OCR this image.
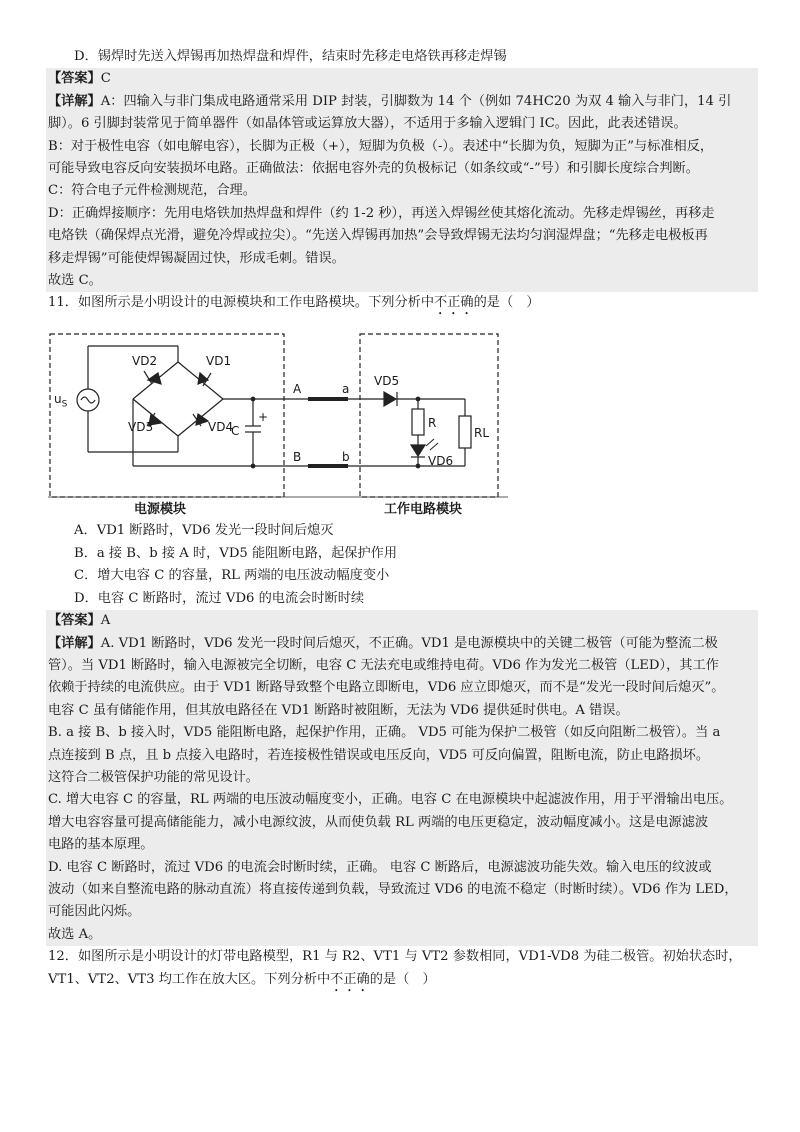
D．锡焊时先送入焊锡再加热焊盘和焊件，结束时先移走电烙铁再移走焊锡
【答案】C
【详解】A：四输入与非门集成电路通常采用 DIP 封装，引脚数为 14 个（例如 74HC20 为双 4 输入与非门，14 引
脚）。6 引脚封装常见于简单器件（如晶体管或运算放大器），不适用于多输入逻辑门 IC。因此，此表述错误。
B：对于极性电容（如电解电容），长脚为正极（+），短脚为负极（-）。表述中“长脚为负，短脚为正”与标准相反，
可能导致电容反向安装损坏电路。正确做法：依据电容外壳的负极标记（如条纹或“-”号）和引脚长度综合判断。
C：符合电子元件检测规范，合理。
D：正确焊接顺序：先用电烙铁加热焊盘和焊件（约 1-2 秒），再送入焊锡丝使其熔化流动。先移走焊锡丝，再移走
电烙铁（确保焊点光滑，避免冷焊或拉尖）。“先送入焊锡再加热”会导致焊锡无法均匀润湿焊盘；“先移走电极板再
移走焊锡”可能使焊锡凝固过快，形成毛刺。错误。
故选 C。
11．如图所示是小明设计的电源模块和工作电路模块。下列分析中不正确的是（　）
VD2	VD1
VD3	VD4
$u_S$
C
+
A	a
B	b
VD5
R
RL
VD6
电源模块	工作电路模块
A．VD1 断路时，VD6 发光一段时间后熄灭
B．a 接 B、b 接 A 时，VD5 能阻断电路，起保护作用
C．增大电容 C 的容量，RL 两端的电压波动幅度变小
D．电容 C 断路时，流过 VD6 的电流会时断时续
【答案】A
【详解】A. VD1 断路时，VD6 发光一段时间后熄灭，不正确。VD1 是电源模块中的关键二极管（可能为整流二极
管）。当 VD1 断路时，输入电源被完全切断，电容 C 无法充电或维持电荷。VD6 作为发光二极管（LED），其工作
依赖于持续的电流供应。由于 VD1 断路导致整个电路立即断电，VD6 应立即熄灭，而不是“发光一段时间后熄灭”。
电容 C 虽有储能作用，但其放电路径在 VD1 断路时被阻断，无法为 VD6 提供延时供电。A 错误。
B. a 接 B、b 接入时，VD5 能阻断电路，起保护作用，正确。 VD5 可能为保护二极管（如反向阻断二极管）。当 a
点连接到 B 点，且 b 点接入电路时，若连接极性错误或电压反向，VD5 可反向偏置，阻断电流，防止电路损坏。
这符合二极管保护功能的常见设计。
C. 增大电容 C 的容量，RL 两端的电压波动幅度变小，正确。电容 C 在电源模块中起滤波作用，用于平滑输出电压。
增大电容容量可提高储能能力，减小电源纹波，从而使负载 RL 两端的电压更稳定，波动幅度减小。这是电源滤波
电路的基本原理。
D. 电容 C 断路时，流过 VD6 的电流会时断时续，正确。 电容 C 断路后，电源滤波功能失效。输入电压的纹波或
波动（如来自整流电路的脉动直流）将直接传递到负载，导致流过 VD6 的电流不稳定（时断时续）。VD6 作为 LED，
可能因此闪烁。
故选 A。
12．如图所示是小明设计的灯带电路模型，R1 与 R2、VT1 与 VT2 参数相同，VD1-VD8 为硅二极管。初始状态时，
VT1、VT2、VT3 均工作在放大区。下列分析中不正确的是（　）
